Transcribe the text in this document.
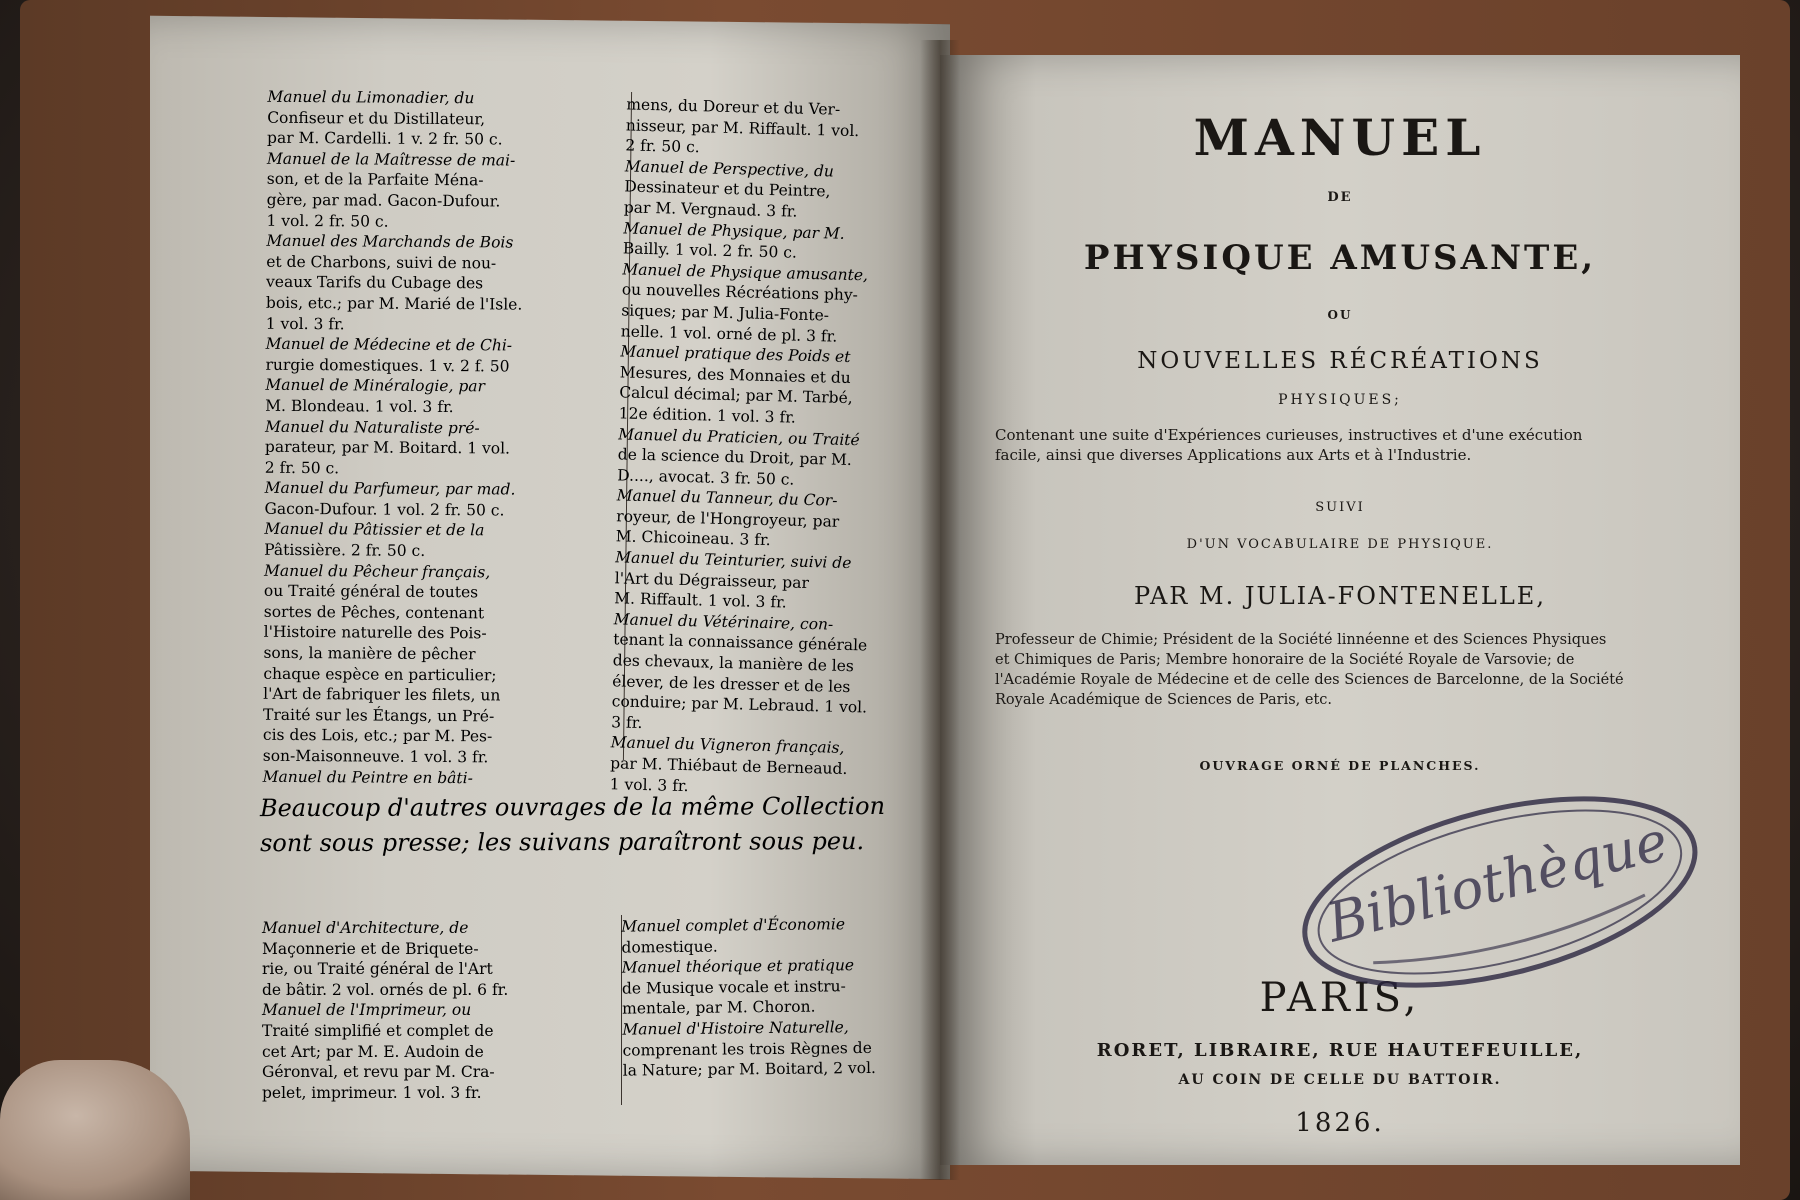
Manuel du Limonadier, du

Confiseur et du Distillateur,

par M. Cardelli. 1 v. 2 fr. 50 c.

Manuel de la Maîtresse de mai-

son, et de la Parfaite Ména-

gère, par mad. Gacon-Dufour.

1 vol. 2 fr. 50 c.

Manuel des Marchands de Bois

et de Charbons, suivi de nou-

veaux Tarifs du Cubage des

bois, etc.; par M. Marié de l'Isle.

1 vol. 3 fr.

Manuel de Médecine et de Chi-

rurgie domestiques. 1 v. 2 f. 50

Manuel de Minéralogie, par

M. Blondeau. 1 vol. 3 fr.

Manuel du Naturaliste pré-

parateur, par M. Boitard. 1 vol.

2 fr. 50 c.

Manuel du Parfumeur, par mad.

Gacon-Dufour. 1 vol. 2 fr. 50 c.

Manuel du Pâtissier et de la

Pâtissière. 2 fr. 50 c.

Manuel du Pêcheur français,

ou Traité général de toutes

sortes de Pêches, contenant

l'Histoire naturelle des Pois-

sons, la manière de pêcher

chaque espèce en particulier;

l'Art de fabriquer les filets, un

Traité sur les Étangs, un Pré-

cis des Lois, etc.; par M. Pes-

son-Maisonneuve. 1 vol. 3 fr.

Manuel du Peintre en bâti-

mens, du Doreur et du Ver-

nisseur, par M. Riffault. 1 vol.

2 fr. 50 c.

Manuel de Perspective, du

Dessinateur et du Peintre,

par M. Vergnaud. 3 fr.

Manuel de Physique, par M.

Bailly. 1 vol. 2 fr. 50 c.

Manuel de Physique amusante,

ou nouvelles Récréations phy-

siques; par M. Julia-Fonte-

nelle. 1 vol. orné de pl. 3 fr.

Manuel pratique des Poids et

Mesures, des Monnaies et du

Calcul décimal; par M. Tarbé,

12e édition. 1 vol. 3 fr.

Manuel du Praticien, ou Traité

de la science du Droit, par M.

D...., avocat. 3 fr. 50 c.

Manuel du Tanneur, du Cor-

royeur, de l'Hongroyeur, par

M. Chicoineau. 3 fr.

Manuel du Teinturier, suivi de

l'Art du Dégraisseur, par

M. Riffault. 1 vol. 3 fr.

Manuel du Vétérinaire, con-

tenant la connaissance générale

des chevaux, la manière de les

élever, de les dresser et de les

conduire; par M. Lebraud. 1 vol.

3 fr.

Manuel du Vigneron français,

par M. Thiébaut de Berneaud.

1 vol. 3 fr.

Beaucoup d'autres ouvrages de la même Collection sont sous presse; les suivans paraîtront sous peu.

Manuel d'Architecture, de

Maçonnerie et de Briquete-

rie, ou Traité général de l'Art

de bâtir. 2 vol. ornés de pl. 6 fr.

Manuel de l'Imprimeur, ou

Traité simplifié et complet de

cet Art; par M. E. Audoin de

Géronval, et revu par M. Cra-

pelet, imprimeur. 1 vol. 3 fr.

Manuel complet d'Économie

domestique.

Manuel théorique et pratique

de Musique vocale et instru-

mentale, par M. Choron.

Manuel d'Histoire Naturelle,

comprenant les trois Règnes de

la Nature; par M. Boitard, 2 vol.

MANUEL
DE
PHYSIQUE AMUSANTE,
OU
NOUVELLES RÉCRÉATIONS
PHYSIQUES;
Contenant une suite d'Expériences curieuses, instructives et d'une exécution facile, ainsi que diverses Applications aux Arts et à l'Industrie.
SUIVI
D'UN VOCABULAIRE DE PHYSIQUE.
PAR M. JULIA-FONTENELLE,
Professeur de Chimie; Président de la Société linnéenne et des Sciences Physiques et Chimiques de Paris; Membre honoraire de la Société Royale de Varsovie; de l'Académie Royale de Médecine et de celle des Sciences de Barcelonne, de la Société Royale Académique de Sciences de Paris, etc.
OUVRAGE ORNÉ DE PLANCHES.
PARIS,
RORET, LIBRAIRE, RUE HAUTEFEUILLE,
AU COIN DE CELLE DU BATTOIR.
1826.
Bibliothèque
